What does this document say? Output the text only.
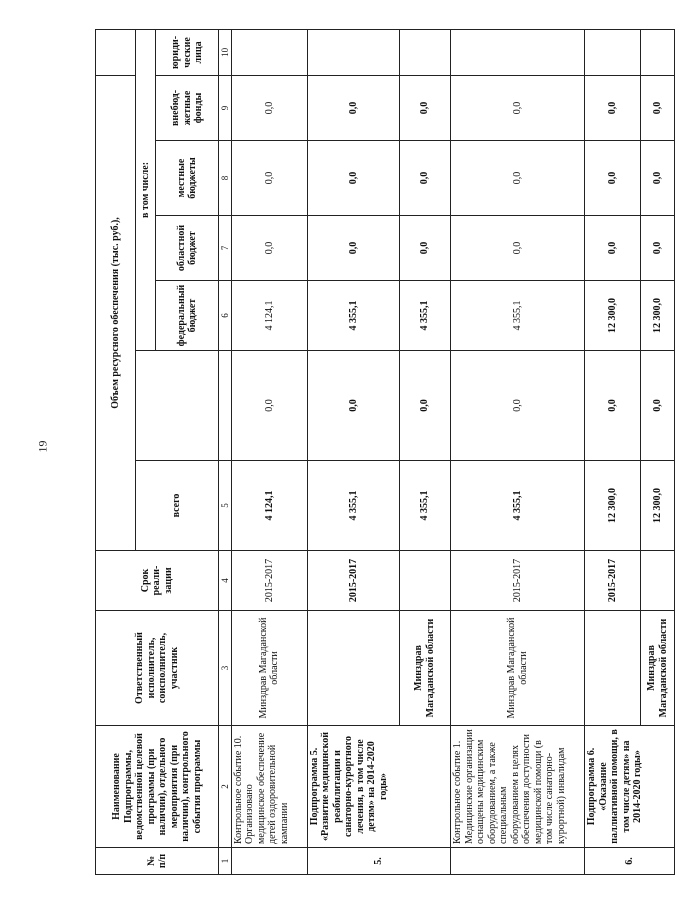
19
№ п/п	Наименование Подпрограммы, ведомственной целевой программы (при наличии), отдельного мероприятия (при наличии), контрольного события программы	Ответственный исполнитель, соисполнитель, участник	Срок реали-зации	Объем ресурсного обеспечения (тыс. руб.),						
				всего		в том числе:				
						федеральный бюджет	областной бюджет	местные бюджеты	внебюд-жетные фонды	юриди-ческие лица
1	2	3	4	5		6	7	8	9	10
	Контрольное событие 10. Организовано медицинское обеспечение детей оздоровительной кампании	Минздрав Магаданской области	2015-2017	4 124,1	0,0	4 124,1	0,0	0,0	0,0	
5.	Подпрограмма 5. «Развитие медицинской реабилитации и санаторно-курортного лечения, в том числе детям» на 2014-2020 годы»		2015-2017	4 355,1	0,0	4 355,1	0,0	0,0	0,0	
		Минздрав Магаданской области		4 355,1	0,0	4 355,1	0,0	0,0	0,0	
	Контрольное событие 1. Медицинские организации оснащены медицинским оборудованием, а также специальным оборудованием в целях обеспечения доступности медицинской помощи (в том числе санаторно-курортной) инвалидам	Минздрав Магаданской области	2015-2017	4 355,1	0,0	4 355,1	0,0	0,0	0,0	
6.	Подпрограмма 6. «Оказание паллиативной помощи, в том числе детям» на 2014-2020 годы»		2015-2017	12 300,0	0,0	12 300,0	0,0	0,0	0,0	
		Минздрав Магаданской области		12 300,0	0,0	12 300,0	0,0	0,0	0,0	
